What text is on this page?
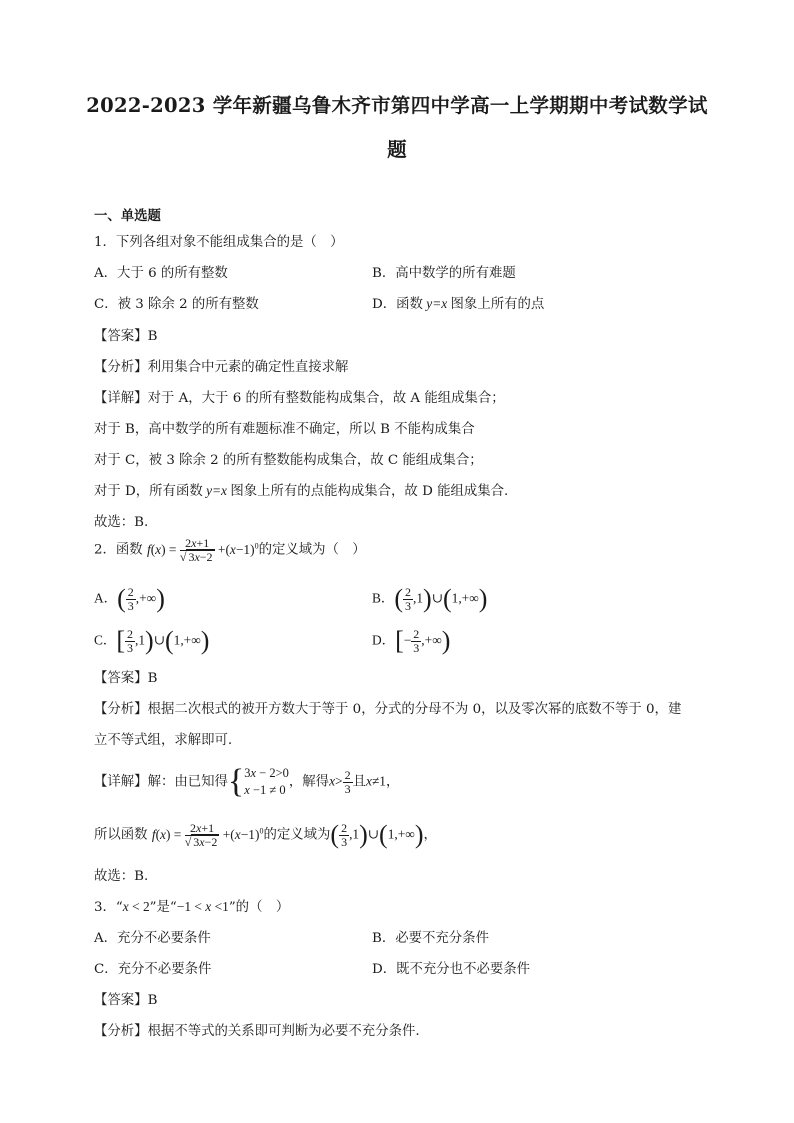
2022-2023 学年新疆乌鲁木齐市第四中学高一上学期期中考试数学试
题
一、单选题
1．下列各组对象不能组成集合的是（　）
A．大于 6 的所有整数	B．高中数学的所有难题
C．被 3 除余 2 的所有整数	D．函数 y=x 图象上所有的点
【答案】B
【分析】利用集合中元素的确定性直接求解
【详解】对于 A，大于 6 的所有整数能构成集合，故 A 能组成集合；
对于 B，高中数学的所有难题标准不确定，所以 B 不能构成集合
对于 C，被 3 除余 2 的所有整数能构成集合，故 C 能组成集合；
对于 D，所有函数 y=x 图象上所有的点能构成集合，故 D 能组成集合.
故选：B.
2．函数 $f(x) = \frac{2x+1}{√ 3x-2} +(x-1)^0$的定义域为（　）
A．( $\frac{2}{3}$ ,+∞)	B．( $\frac{2}{3}$ ,1)∪(1,+∞)
C．[ $\frac{2}{3}$ ,1)∪(1,+∞)	D．[− $\frac{2}{3}$ ,+∞)
【答案】B
【分析】根据二次根式的被开方数大于等于 0，分式的分母不为 0，以及零次幂的底数不等于 0，建
立不等式组，求解即可.
【详解】解：由已知得{ 3x − 2>0
x −1 ≠ 0
，解得$x> \frac{2}{3}$ 且x≠1，
所以函数 $f(x) = \frac{2x+1}{√ 3x-2} +(x-1)^0$的定义域为( $\frac{2}{3}$ ,1)∪(1,+∞)，
故选：B.
3．“x < 2”是“−1 < x <1”的（　）
A．充分不必要条件	B．必要不充分条件
C．充分不必要条件	D．既不充分也不必要条件
【答案】B
【分析】根据不等式的关系即可判断为必要不充分条件.
